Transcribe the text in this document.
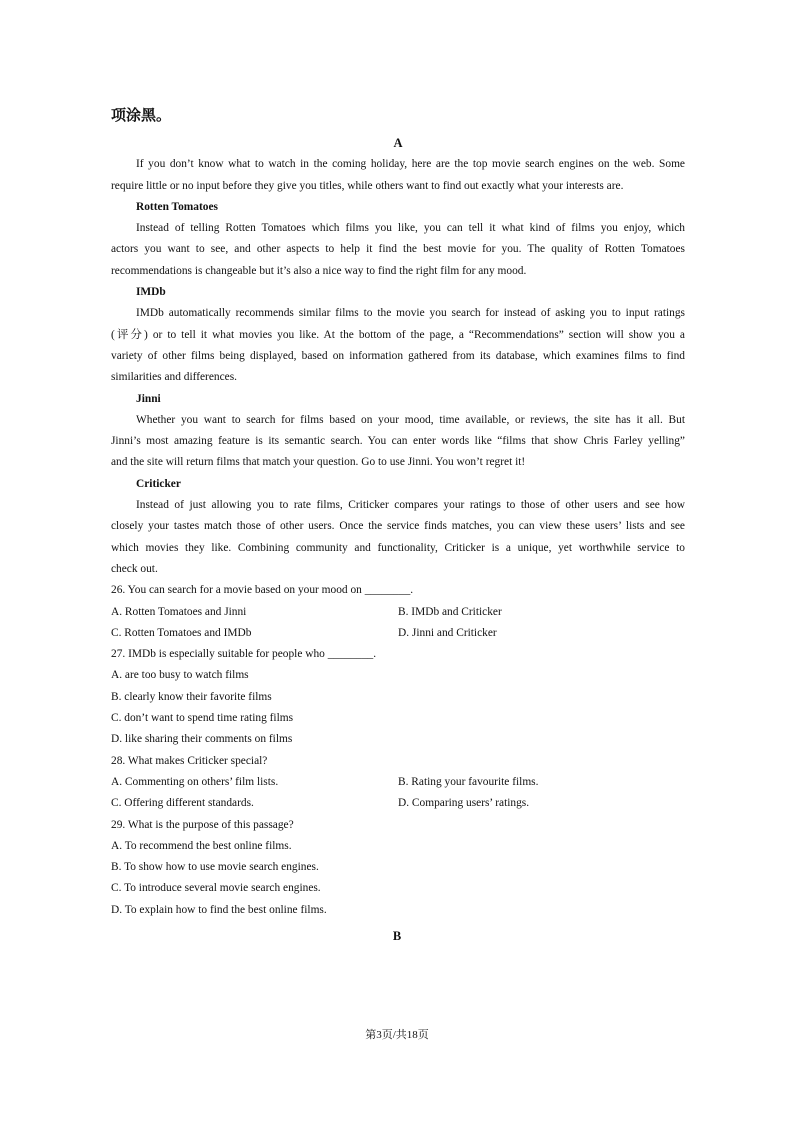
项涂黑。
A
If you don’t know what to watch in the coming holiday, here are the top movie search engines on the web. Some
require little or no input before they give you titles, while others want to find out exactly what your interests are.
Rotten Tomatoes
Instead of telling Rotten Tomatoes which films you like, you can tell it what kind of films you enjoy, which
actors you want to see, and other aspects to help it find the best movie for you. The quality of Rotten Tomatoes
recommendations is changeable but it’s also a nice way to find the right film for any mood.
IMDb
IMDb automatically recommends similar films to the movie you search for instead of asking you to input ratings
(评分) or to tell it what movies you like. At the bottom of the page, a “Recommendations” section will show you a
variety of other films being displayed, based on information gathered from its database, which examines films to find
similarities and differences.
Jinni
Whether you want to search for films based on your mood, time available, or reviews, the site has it all. But
Jinni’s most amazing feature is its semantic search. You can enter words like “films that show Chris Farley yelling”
and the site will return films that match your question. Go to use Jinni. You won’t regret it!
Criticker
Instead of just allowing you to rate films, Criticker compares your ratings to those of other users and see how
closely your tastes match those of other users. Once the service finds matches, you can view these users’ lists and see
which movies they like. Combining community and functionality, Criticker is a unique, yet worthwhile service to
check out.
26. You can search for a movie based on your mood on ________.
A. Rotten Tomatoes and Jinni	B. IMDb and Criticker
C. Rotten Tomatoes and IMDb	D. Jinni and Criticker
27. IMDb is especially suitable for people who ________.
A. are too busy to watch films
B. clearly know their favorite films
C. don’t want to spend time rating films
D. like sharing their comments on films
28. What makes Criticker special?
A. Commenting on others’ film lists.	B. Rating your favourite films.
C. Offering different standards.	D. Comparing users’ ratings.
29. What is the purpose of this passage?
A. To recommend the best online films.
B. To show how to use movie search engines.
C. To introduce several movie search engines.
D. To explain how to find the best online films.
B
第3页/共18页
